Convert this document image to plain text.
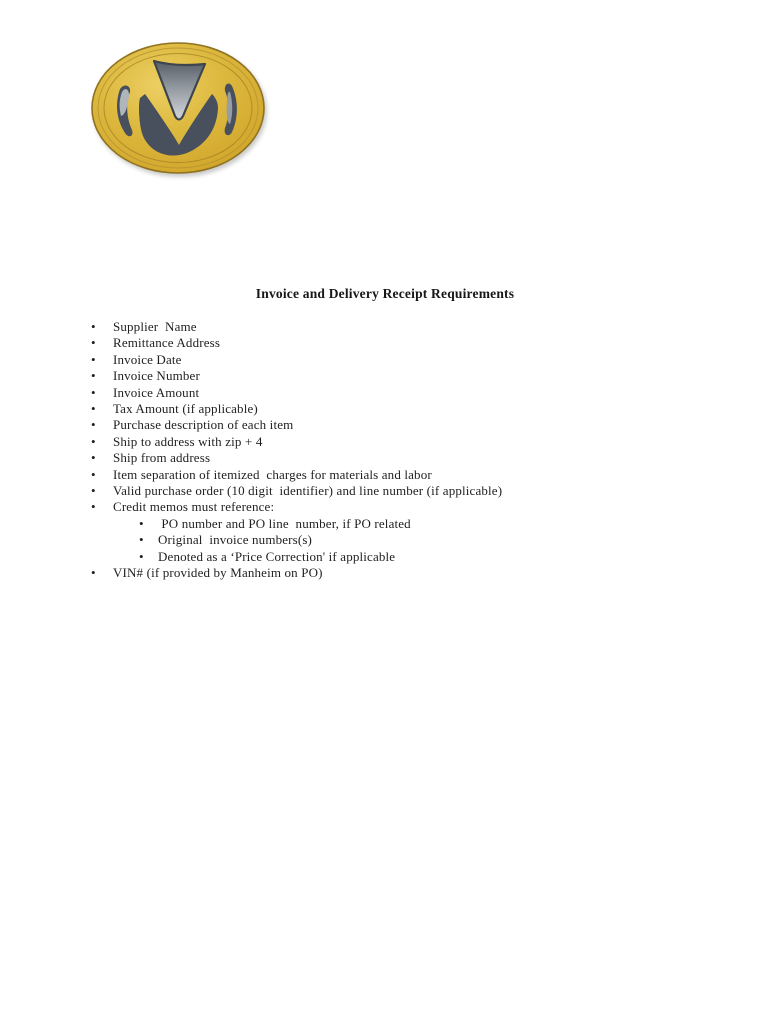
Invoice and Delivery Receipt Requirements
•	Supplier  Name
•	Remittance Address
•	Invoice Date
•	Invoice Number
•	Invoice Amount
•	Tax Amount (if applicable)
•	Purchase description of each item
•	Ship to address with zip + 4
•	Ship from address
•	Item separation of itemized  charges for materials and labor
•	Valid purchase order (10 digit  identifier) and line number (if applicable)
•	Credit memos must reference:
•	PO number and PO line  number, if PO related
•	Original  invoice numbers(s)
•	Denoted as a ‘Price Correction' if applicable
•	VIN# (if provided by Manheim on PO)
